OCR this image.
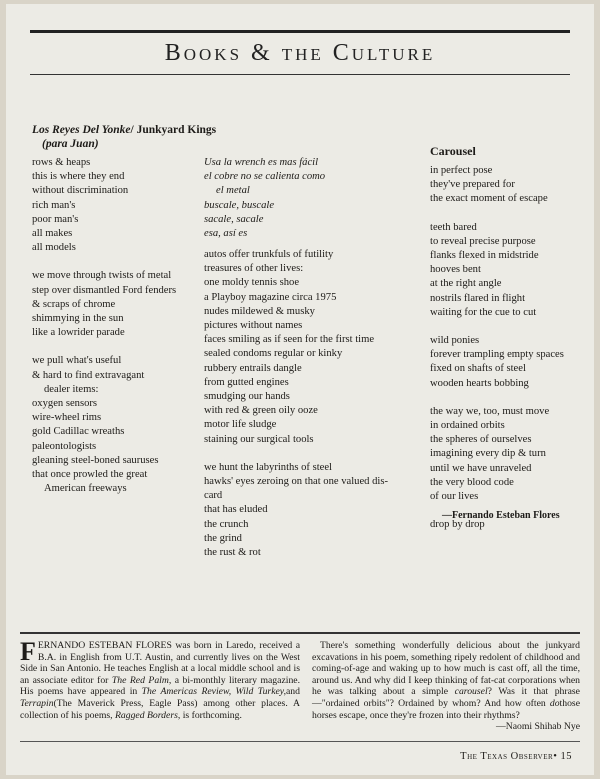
Books & the Culture
Los Reyes Del Yonke/ Junkyard Kings
(para Juan)
rows & heaps
this is where they end
without discrimination
rich man's
poor man's
all makes
all models
we move through twists of metal
step over dismantled Ford fenders
& scraps of chrome
shimmying in the sun
like a lowrider parade
we pull what's useful
& hard to find extravagant
dealer items:
oxygen sensors
wire-wheel rims
gold Cadillac wreaths
paleontologists
gleaning steel-boned sauruses
that once prowled the great
American freeways
Usa la wrench es mas fácil
el cobre no se calienta como
el metal
buscale, buscale
sacale, sacale
esa, así es
autos offer trunkfuls of futility
treasures of other lives:
one moldy tennis shoe
a Playboy magazine circa 1975
nudes mildewed & musky
pictures without names
faces smiling as if seen for the first time
sealed condoms regular or kinky
rubbery entrails dangle
from gutted engines
smudging our hands
with red & green oily ooze
motor life sludge
staining our surgical tools
we hunt the labyrinths of steel
hawks' eyes zeroing on that one valued dis-
card
that has eluded
the crunch
the grind
the rust & rot
Carousel
in perfect pose
they've prepared for
the exact moment of escape
teeth bared
to reveal precise purpose
flanks flexed in midstride
hooves bent
at the right angle
nostrils flared in flight
waiting for the cue to cut
wild ponies
forever trampling empty spaces
fixed on shafts of steel
wooden hearts bobbing
the way we, too, must move
in ordained orbits
the spheres of ourselves
imagining every dip & turn
until we have unraveled
the very blood code
of our lives
drop by drop
—Fernando Esteban Flores
FERNANDO ESTEBAN FLORES was born in Laredo, received a B.A. in English from U.T. Austin, and currently lives on the West Side in San Antonio. He teaches English at a local middle school and is an associate editor for The Red Palm, a bi-monthly literary magazine. His poems have appeared in The Americas Review, Wild Turkey,and Terrapin(The Maverick Press, Eagle Pass) among other places. A collection of his poems, Ragged Borders, is forthcoming.
There's something wonderfully delicious about the junkyard excavations in his poem, something ripely redolent of childhood and coming-of-age and waking up to how much is cast off, all the time, around us. And why did I keep thinking of fat-cat corporations when he was talking about a simple carousel? Was it that phrase—"ordained orbits"? Ordained by whom? And how often dothose horses escape, once they're frozen into their rhythms?
—Naomi Shihab Nye
The Texas Observer• 15
